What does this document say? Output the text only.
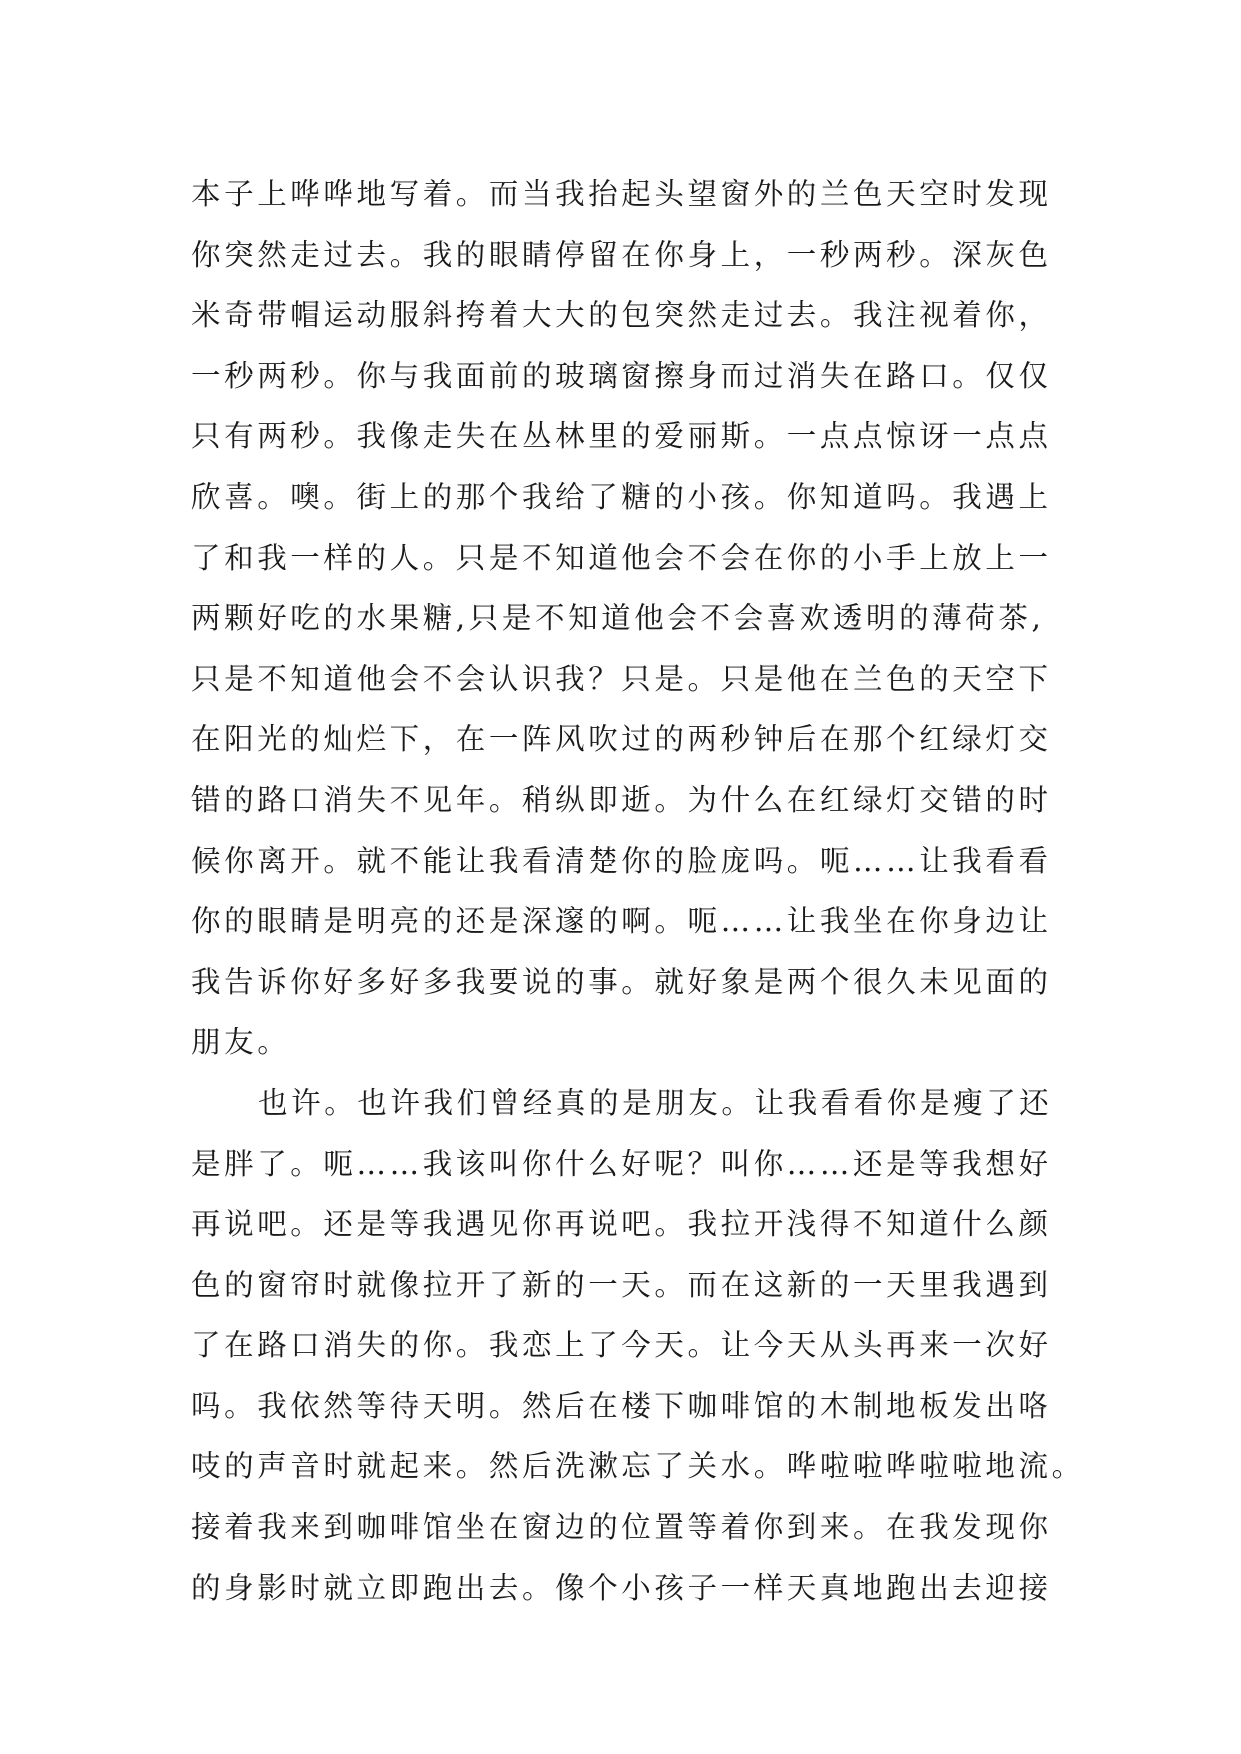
本子上哗哗地写着。而当我抬起头望窗外的兰色天空时发现
你突然走过去。我的眼睛停留在你身上，一秒两秒。深灰色
米奇带帽运动服斜挎着大大的包突然走过去。我注视着你，
一秒两秒。你与我面前的玻璃窗擦身而过消失在路口。仅仅
只有两秒。我像走失在丛林里的爱丽斯。一点点惊讶一点点
欣喜。噢。街上的那个我给了糖的小孩。你知道吗。我遇上
了和我一样的人。只是不知道他会不会在你的小手上放上一
两颗好吃的水果糖,只是不知道他会不会喜欢透明的薄荷茶,
只是不知道他会不会认识我？只是。只是他在兰色的天空下
在阳光的灿烂下，在一阵风吹过的两秒钟后在那个红绿灯交
错的路口消失不见年。稍纵即逝。为什么在红绿灯交错的时
候你离开。就不能让我看清楚你的脸庞吗。呃……让我看看
你的眼睛是明亮的还是深邃的啊。呃……让我坐在你身边让
我告诉你好多好多我要说的事。就好象是两个很久未见面的
朋友。

也许。也许我们曾经真的是朋友。让我看看你是瘦了还
是胖了。呃……我该叫你什么好呢？叫你……还是等我想好
再说吧。还是等我遇见你再说吧。我拉开浅得不知道什么颜
色的窗帘时就像拉开了新的一天。而在这新的一天里我遇到
了在路口消失的你。我恋上了今天。让今天从头再来一次好
吗。我依然等待天明。然后在楼下咖啡馆的木制地板发出咯
吱的声音时就起来。然后洗漱忘了关水。哗啦啦哗啦啦地流。
接着我来到咖啡馆坐在窗边的位置等着你到来。在我发现你
的身影时就立即跑出去。像个小孩子一样天真地跑出去迎接
